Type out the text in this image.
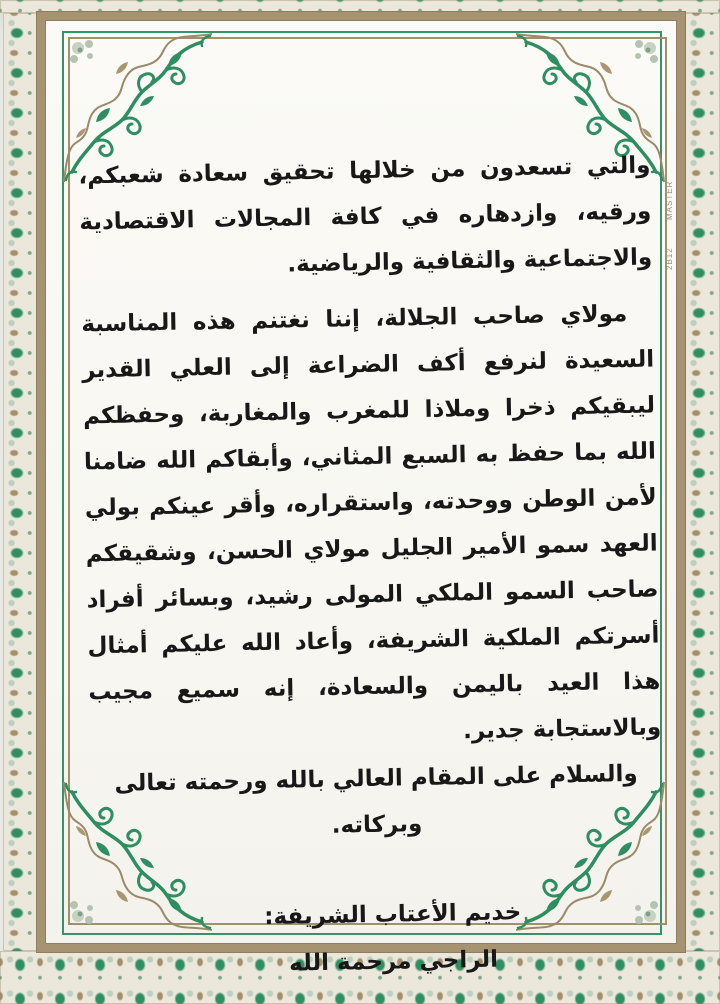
MASTER
2B12

والتي تسعدون من خلالها تحقيق سعادة شعبكم، ورقيه، وازدهاره في كافة المجالات الاقتصادية والاجتماعية والثقافية والرياضية.

مولاي صاحب الجلالة، إننا نغتنم هذه المناسبة السعيدة لنرفع أكف الضراعة إلى العلي القدير ليبقيكم ذخرا وملاذا للمغرب والمغاربة، وحفظكم الله بما حفظ به السبع المثاني، وأبقاكم الله ضامنا لأمن الوطن ووحدته، واستقراره، وأقر عينكم بولي العهد سمو الأمير الجليل مولاي الحسن، وشقيقكم صاحب السمو الملكي المولى رشيد، وبسائر أفراد أسرتكم الملكية الشريفة، وأعاد الله عليكم أمثال هذا العيد باليمن والسعادة، إنه سميع مجيب وبالاستجابة جدير.

والسلام على المقام العالي بالله ورحمته تعالى وبركاته.

خديم الأعتاب الشريفة:

الراجي مرحمة الله
